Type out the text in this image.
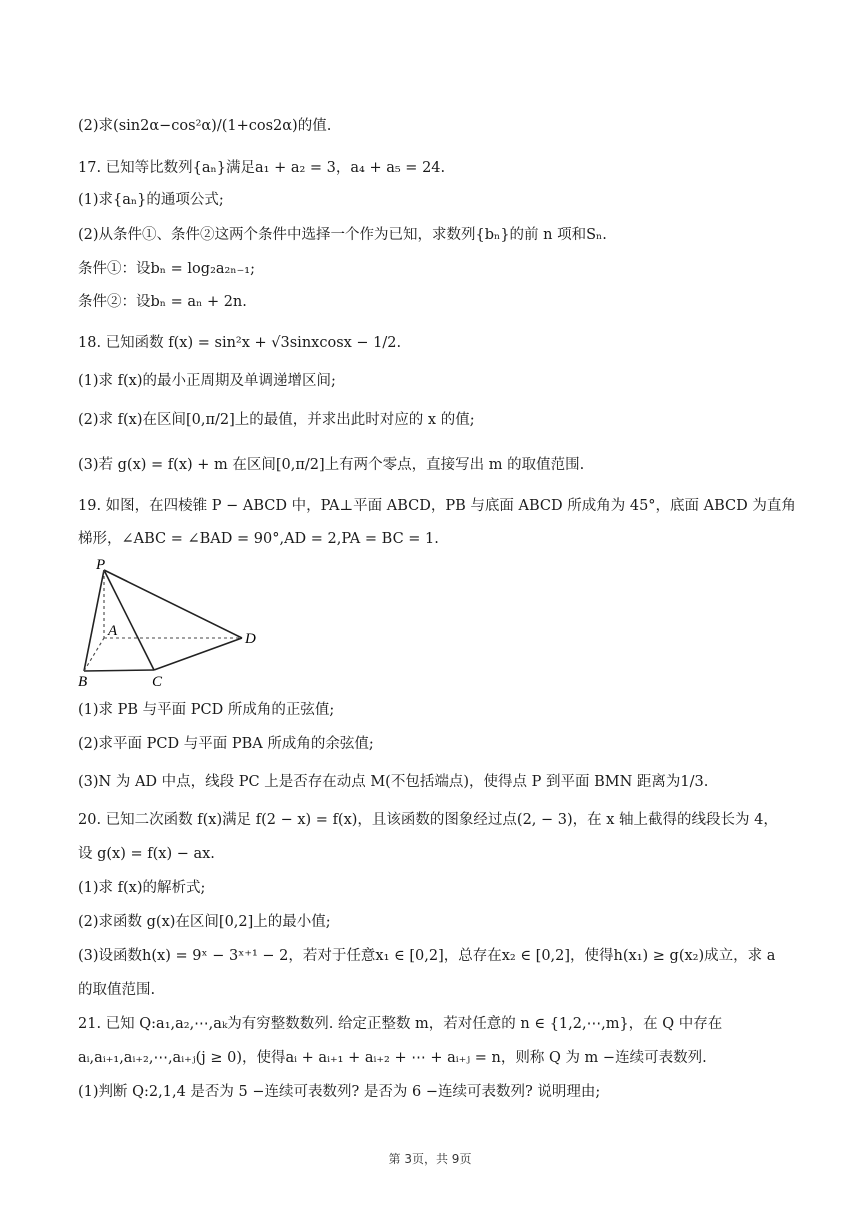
(2)求(sin2α−cos²α)/(1+cos2α)的值.
17. 已知等比数列{aₙ}满足a₁ + a₂ = 3，a₄ + a₅ = 24.
(1)求{aₙ}的通项公式;
(2)从条件①、条件②这两个条件中选择一个作为已知，求数列{bₙ}的前 n 项和Sₙ.
条件①：设bₙ = log₂a₂ₙ₋₁;
条件②：设bₙ = aₙ + 2n.
18. 已知函数 f(x) = sin²x + √3sinxcosx − 1/2.
(1)求 f(x)的最小正周期及单调递增区间;
(2)求 f(x)在区间[0,π/2]上的最值，并求出此时对应的 x 的值;
(3)若 g(x) = f(x) + m 在区间[0,π/2]上有两个零点，直接写出 m 的取值范围.
19. 如图，在四棱锥 P − ABCD 中，PA⊥平面 ABCD，PB 与底面 ABCD 所成角为 45°，底面 ABCD 为直角
梯形，∠ABC = ∠BAD = 90°,AD = 2,PA = BC = 1.
P
A
B	C
D
(1)求 PB 与平面 PCD 所成角的正弦值;
(2)求平面 PCD 与平面 PBA 所成角的余弦值;
(3)N 为 AD 中点，线段 PC 上是否存在动点 M(不包括端点)，使得点 P 到平面 BMN 距离为1/3.
20. 已知二次函数 f(x)满足 f(2 − x) = f(x)，且该函数的图象经过点(2, − 3)，在 x 轴上截得的线段长为 4，
设 g(x) = f(x) − ax.
(1)求 f(x)的解析式;
(2)求函数 g(x)在区间[0,2]上的最小值;
(3)设函数h(x) = 9ˣ − 3ˣ⁺¹ − 2，若对于任意x₁ ∈ [0,2]，总存在x₂ ∈ [0,2]，使得h(x₁) ≥ g(x₂)成立，求 a
的取值范围.
21. 已知 Q:a₁,a₂,⋯,aₖ为有穷整数数列. 给定正整数 m，若对任意的 n ∈ {1,2,⋯,m}，在 Q 中存在
aᵢ,aᵢ₊₁,aᵢ₊₂,⋯,aᵢ₊ⱼ(j ≥ 0)，使得aᵢ + aᵢ₊₁ + aᵢ₊₂ + ⋯ + aᵢ₊ⱼ = n，则称 Q 为 m −连续可表数列.
(1)判断 Q:2,1,4 是否为 5 −连续可表数列? 是否为 6 −连续可表数列? 说明理由;
第 3页，共 9页
